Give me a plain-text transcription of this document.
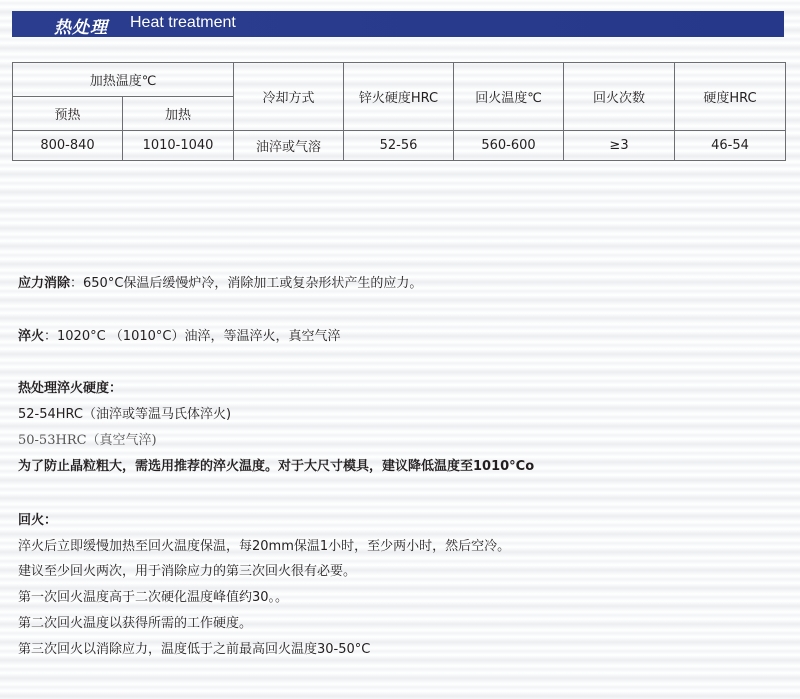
热处理 Heat treatment
加热温度℃		冷却方式	锌火硬度HRC	回火温度℃	回火次数	硬度HRC
预热	加热					
800-840	1010-1040	油淬或气溶	52-56	560-600	≥3	46-54
应力消除：650°C保温后缓慢炉冷，消除加工或复杂形状产生的应力。
淬火：1020°C （1010°C）油淬，等温淬火，真空气淬
热处理淬火硬度：
52-54HRC（油淬或等温马氏体淬火)
50-53HRC（真空气淬)
为了防止晶粒粗大，需选用推荐的淬火温度。对于大尺寸模具，建议降低温度至1010°Co
回火：
淬火后立即缓慢加热至回火温度保温，每20mm保温1小时，至少两小时，然后空冷。
建议至少回火两次，用于消除应力的第三次回火很有必要。
第一次回火温度高于二次硬化温度峰值约30。。
第二次回火温度以获得所需的工作硬度。
第三次回火以消除应力，温度低于之前最高回火温度30-50°C
